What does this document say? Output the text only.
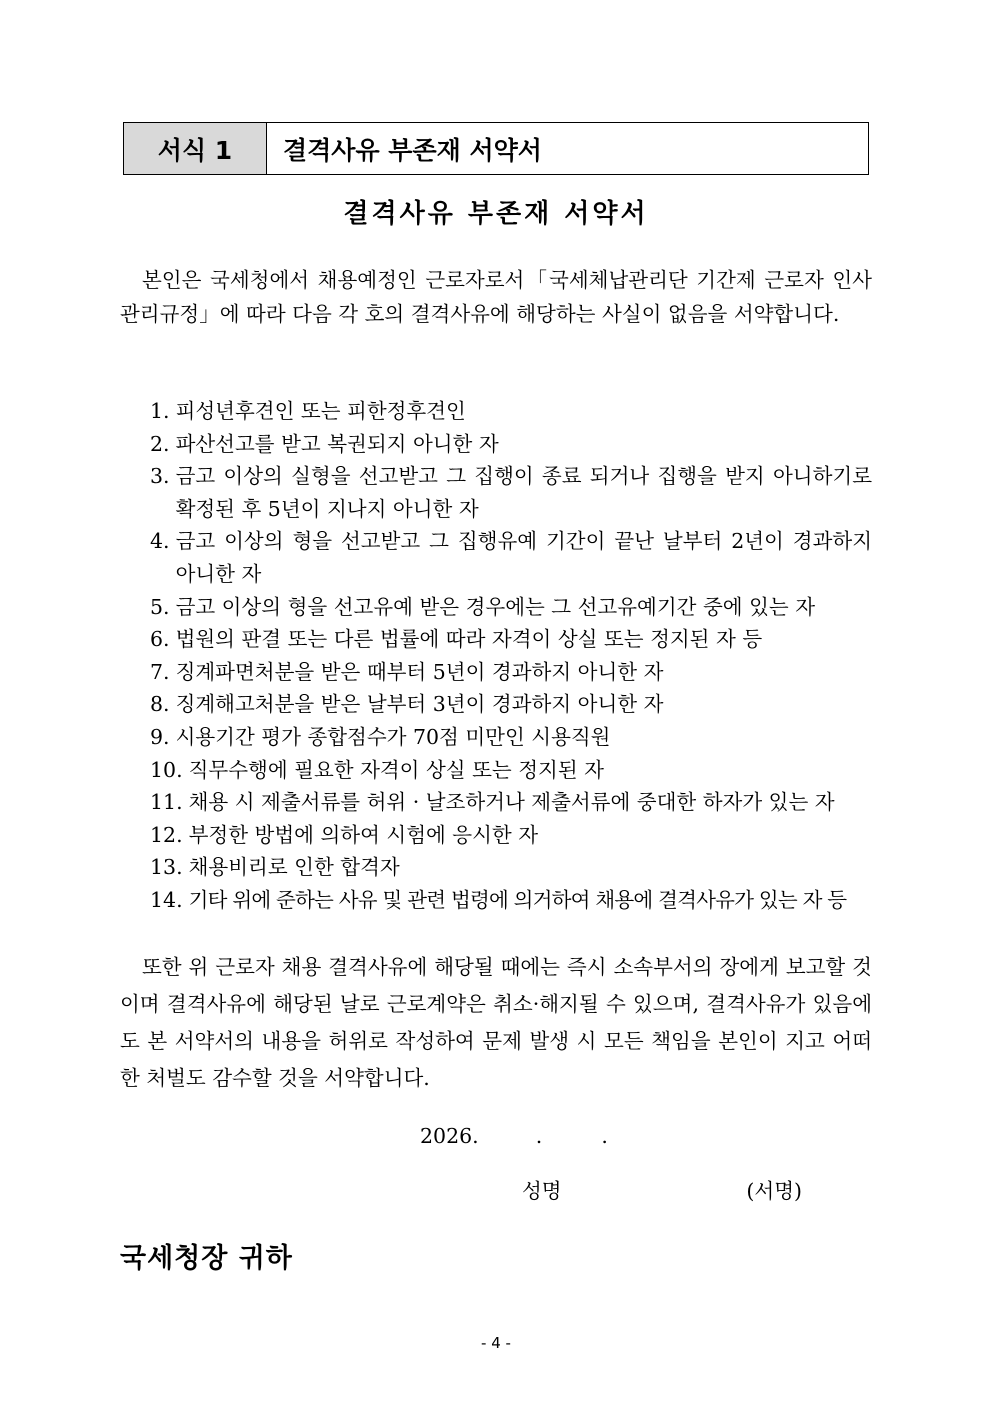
서식 1	결격사유 부존재 서약서
결격사유 부존재 서약서
본인은 국세청에서 채용예정인 근로자로서「국세체납관리단 기간제 근로자 인사 관리규정」에 따라 다음 각 호의 결격사유에 해당하는 사실이 없음을 서약합니다.
1. 피성년후견인 또는 피한정후견인
2. 파산선고를 받고 복권되지 아니한 자
3. 금고 이상의 실형을 선고받고 그 집행이 종료 되거나 집행을 받지 아니하기로 확정된 후 5년이 지나지 아니한 자
4. 금고 이상의 형을 선고받고 그 집행유예 기간이 끝난 날부터 2년이 경과하지 아니한 자
5. 금고 이상의 형을 선고유예 받은 경우에는 그 선고유예기간 중에 있는 자
6. 법원의 판결 또는 다른 법률에 따라 자격이 상실 또는 정지된 자 등
7. 징계파면처분을 받은 때부터 5년이 경과하지 아니한 자
8. 징계해고처분을 받은 날부터 3년이 경과하지 아니한 자
9. 시용기간 평가 종합점수가 70점 미만인 시용직원
10. 직무수행에 필요한 자격이 상실 또는 정지된 자
11. 채용 시 제출서류를 허위 · 날조하거나 제출서류에 중대한 하자가 있는 자
12. 부정한 방법에 의하여 시험에 응시한 자
13. 채용비리로 인한 합격자
14. 기타 위에 준하는 사유 및 관련 법령에 의거하여 채용에 결격사유가 있는 자 등
또한 위 근로자 채용 결격사유에 해당될 때에는 즉시 소속부서의 장에게 보고할 것이며 결격사유에 해당된 날로 근로계약은 취소·해지될 수 있으며, 결격사유가 있음에도 본 서약서의 내용을 허위로 작성하여 문제 발생 시 모든 책임을 본인이 지고 어떠한 처벌도 감수할 것을 서약합니다.
2026.	.	.
성명	(서명)
국세청장 귀하
- 4 -
